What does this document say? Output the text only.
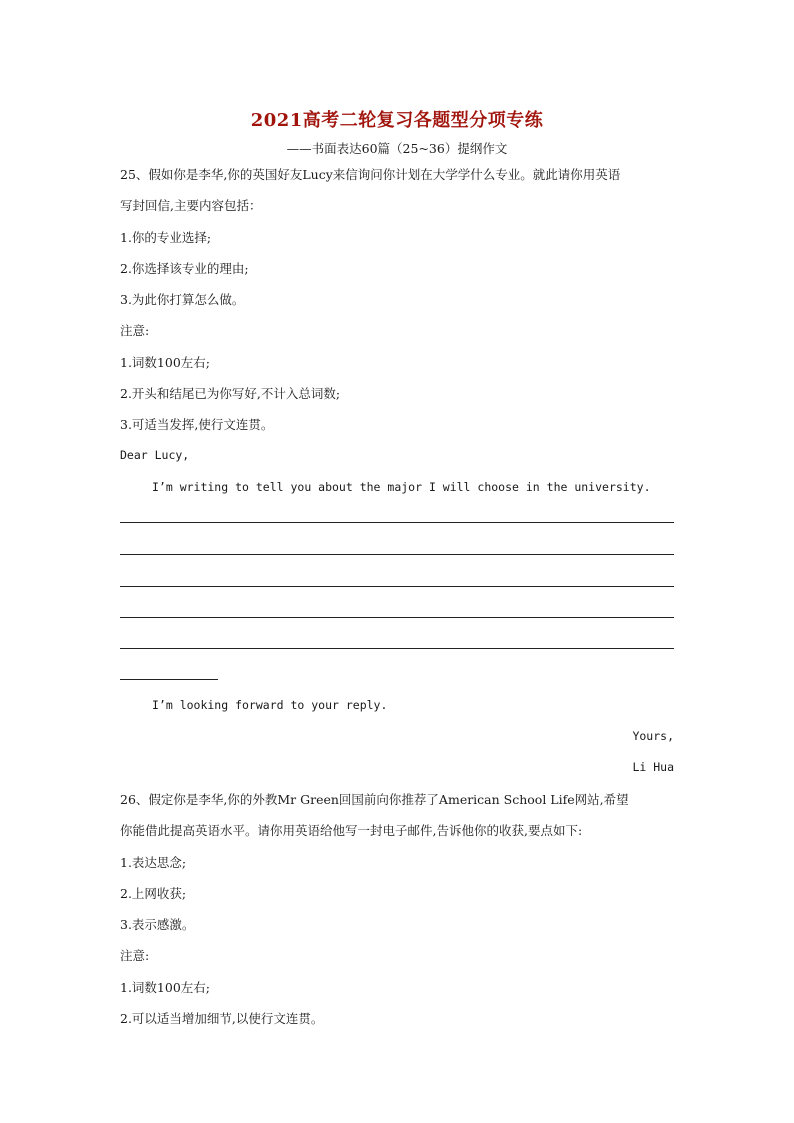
2021高考二轮复习各题型分项专练
——书面表达60篇（25~36）提纲作文
25、假如你是李华,你的英国好友Lucy来信询问你计划在大学学什么专业。就此请你用英语
写封回信,主要内容包括：
1.你的专业选择;
2.你选择该专业的理由;
3.为此你打算怎么做。
注意:
1.词数100左右;
2.开头和结尾已为你写好,不计入总词数;
3.可适当发挥,使行文连贯。
Dear Lucy,
I’m writing to tell you about the major I will choose in the university.
I’m looking forward to your reply.
Yours,
Li Hua
26、假定你是李华,你的外教Mr Green回国前向你推荐了American School Life网站,希望
你能借此提高英语水平。请你用英语给他写一封电子邮件,告诉他你的收获,要点如下:
1.表达思念;
2.上网收获;
3.表示感激。
注意:
1.词数100左右;
2.可以适当增加细节,以使行文连贯。
